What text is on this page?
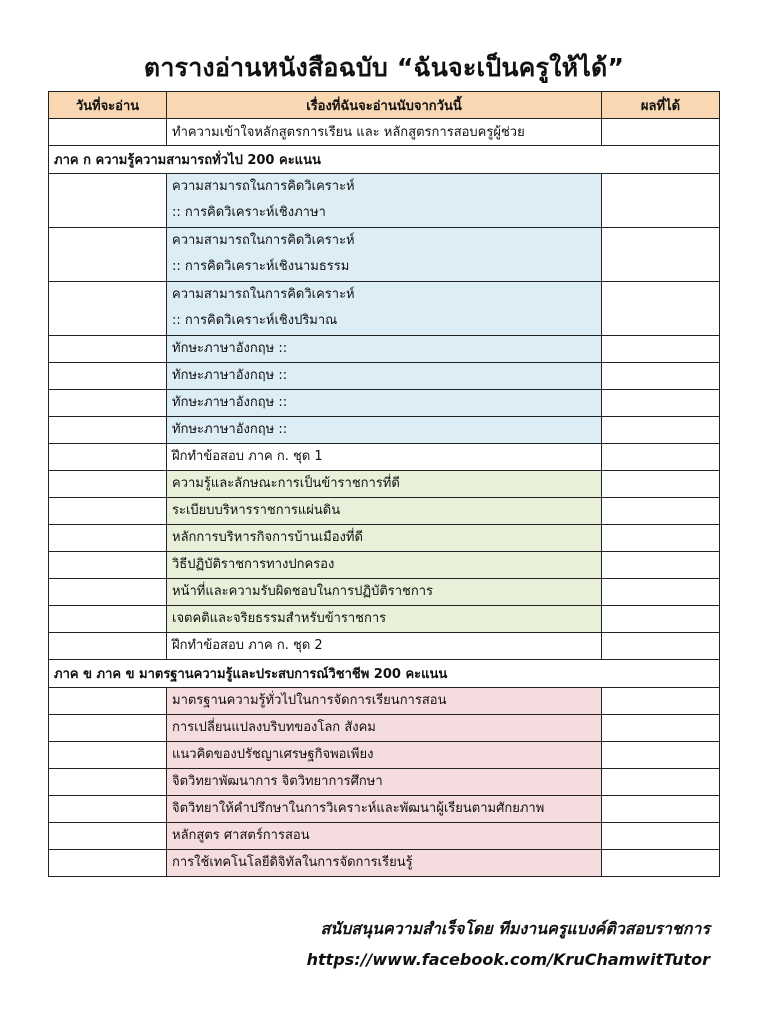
ตารางอ่านหนังสือฉบับ “ฉันจะเป็นครูให้ได้”
วันที่จะอ่าน	เรื่องที่ฉันจะอ่านนับจากวันนี้	ผลที่ได้
	ทำความเข้าใจหลักสูตรการเรียน และ หลักสูตรการสอบครูผู้ช่วย	
ภาค ก ความรู้ความสามารถทั่วไป 200 คะแนน		

	ความสามารถในการคิดวิเคราะห์
:: การคิดวิเคราะห์เชิงภาษา	

	ความสามารถในการคิดวิเคราะห์
:: การคิดวิเคราะห์เชิงนามธรรม	

	ความสามารถในการคิดวิเคราะห์
:: การคิดวิเคราะห์เชิงปริมาณ	

	ทักษะภาษาอังกฤษ ::	

	ทักษะภาษาอังกฤษ ::	

	ทักษะภาษาอังกฤษ ::	

	ทักษะภาษาอังกฤษ ::	

	ฝึกทำข้อสอบ ภาค ก. ชุด 1	

	ความรู้และลักษณะการเป็นข้าราชการที่ดี	

	ระเบียบบริหารราชการแผ่นดิน	

	หลักการบริหารกิจการบ้านเมืองที่ดี	

	วิธีปฏิบัติราชการทางปกครอง	

	หน้าที่และความรับผิดชอบในการปฏิบัติราชการ	

	เจตคติและจริยธรรมสำหรับข้าราชการ	

	ฝึกทำข้อสอบ ภาค ก. ชุด 2	

ภาค ข ภาค ข มาตรฐานความรู้และประสบการณ์วิชาชีพ 200 คะแนน		

	มาตรฐานความรู้ทั่วไปในการจัดการเรียนการสอน	

	การเปลี่ยนแปลงบริบทของโลก สังคม	

	แนวคิดของปรัชญาเศรษฐกิจพอเพียง	

	จิตวิทยาพัฒนาการ จิตวิทยาการศึกษา	

	จิตวิทยาให้คำปรึกษาในการวิเคราะห์และพัฒนาผู้เรียนตามศักยภาพ	

	หลักสูตร ศาสตร์การสอน	

	การใช้เทคโนโลยีดิจิทัลในการจัดการเรียนรู้	

สนับสนุนความสำเร็จโดย ทีมงานครูแบงค์ติวสอบราชการ
https://www.facebook.com/KruChamwitTutor
